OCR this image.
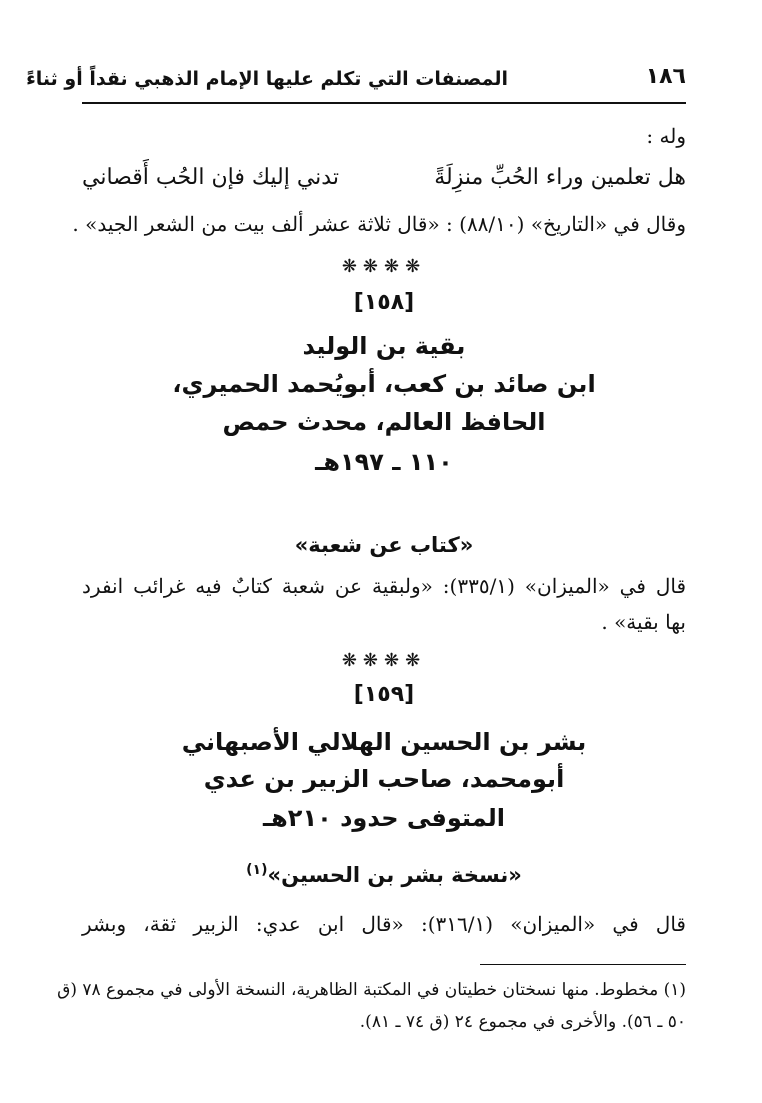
١٨٦
المصنفات التي تكلم عليها الإمام الذهبي نقداً أو ثناءً
وله :
هل تعلمين وراء الحُبِّ منزِلَةً
تدني إليك فإن الحُب أَقصاني
وقال في «التاريخ» (٨٨/١٠) : «قال ثلاثة عشر ألف بيت من الشعر الجيد» .
❋❋❋❋
[١٥٨]
بقية بن الوليد
ابن صائد بن كعب، أبويُحمد الحميري،
الحافظ العالم، محدث حمص
١١٠ ـ ١٩٧هـ
«كتاب عن شعبة»
قال في «الميزان» (٣٣٥/١): «ولبقية عن شعبة كتابٌ فيه غرائب انفرد
بها بقية» .
❋❋❋❋
[١٥٩]
بشر بن الحسين الهلالي الأصبهاني
أبومحمد، صاحب الزبير بن عدي
المتوفى حدود ٢١٠هـ
«نسخة بشر بن الحسين»$^{(١)}$
قال في «الميزان» (٣١٦/١): «قال ابن عدي: الزبير ثقة، وبشر
(١) مخطوط. منها نسختان خطيتان في المكتبة الظاهرية، النسخة الأولى في مجموع ٧٨ (ق
٥٠ ـ ٥٦). والأخرى في مجموع ٢٤ (ق ٧٤ ـ ٨١).
